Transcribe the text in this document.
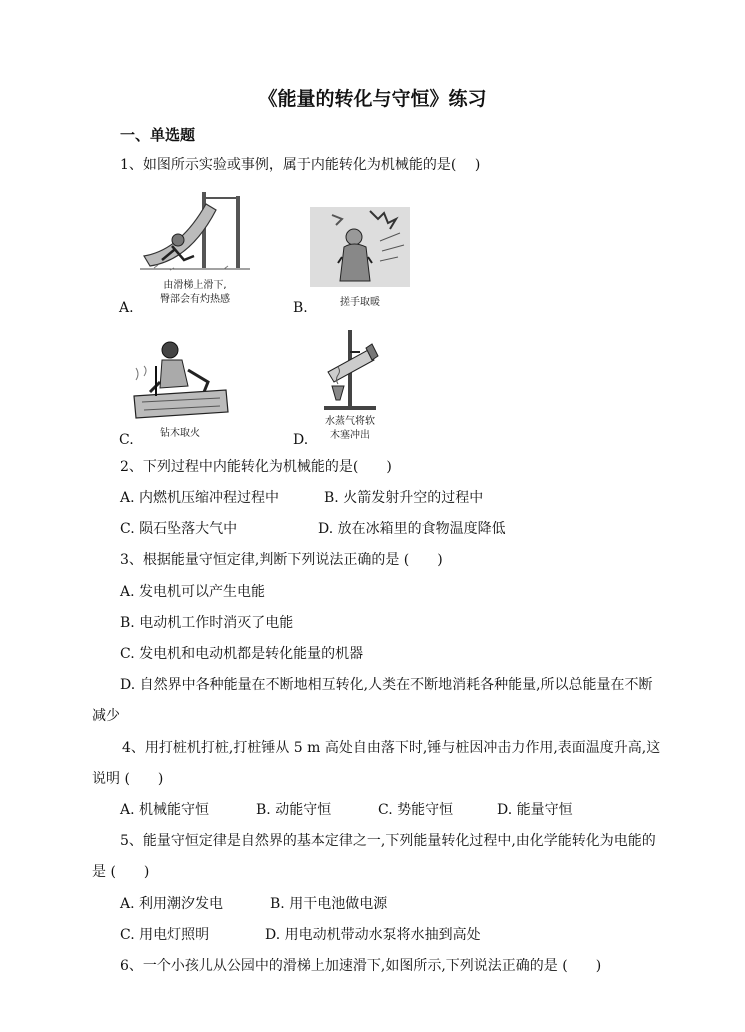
《能量的转化与守恒》练习
一、单选题
1、如图所示实验或事例，属于内能转化为机械能的是(　 )
由滑梯上滑下,
臀部会有灼热感
A.	搓手取暖
B.
钻木取火
C.
水蒸气将软
木塞冲出
D.
2、下列过程中内能转化为机械能的是(　　)
A. 内燃机压缩冲程过程中	B. 火箭发射升空的过程中
C. 陨石坠落大气中	D. 放在冰箱里的食物温度降低
3、根据能量守恒定律,判断下列说法正确的是 (　　)
A. 发电机可以产生电能
B. 电动机工作时消灭了电能
C. 发电机和电动机都是转化能量的机器
D. 自然界中各种能量在不断地相互转化,人类在不断地消耗各种能量,所以总能量在不断
减少
4、用打桩机打桩,打桩锤从 5 m 高处自由落下时,锤与桩因冲击力作用,表面温度升高,这
说明 (　　)
A. 机械能守恒	B. 动能守恒	C. 势能守恒	D. 能量守恒
5、能量守恒定律是自然界的基本定律之一,下列能量转化过程中,由化学能转化为电能的
是 (　　)
A. 利用潮汐发电	B. 用干电池做电源
C. 用电灯照明	D. 用电动机带动水泵将水抽到高处
6、一个小孩儿从公园中的滑梯上加速滑下,如图所示,下列说法正确的是 (　　)
